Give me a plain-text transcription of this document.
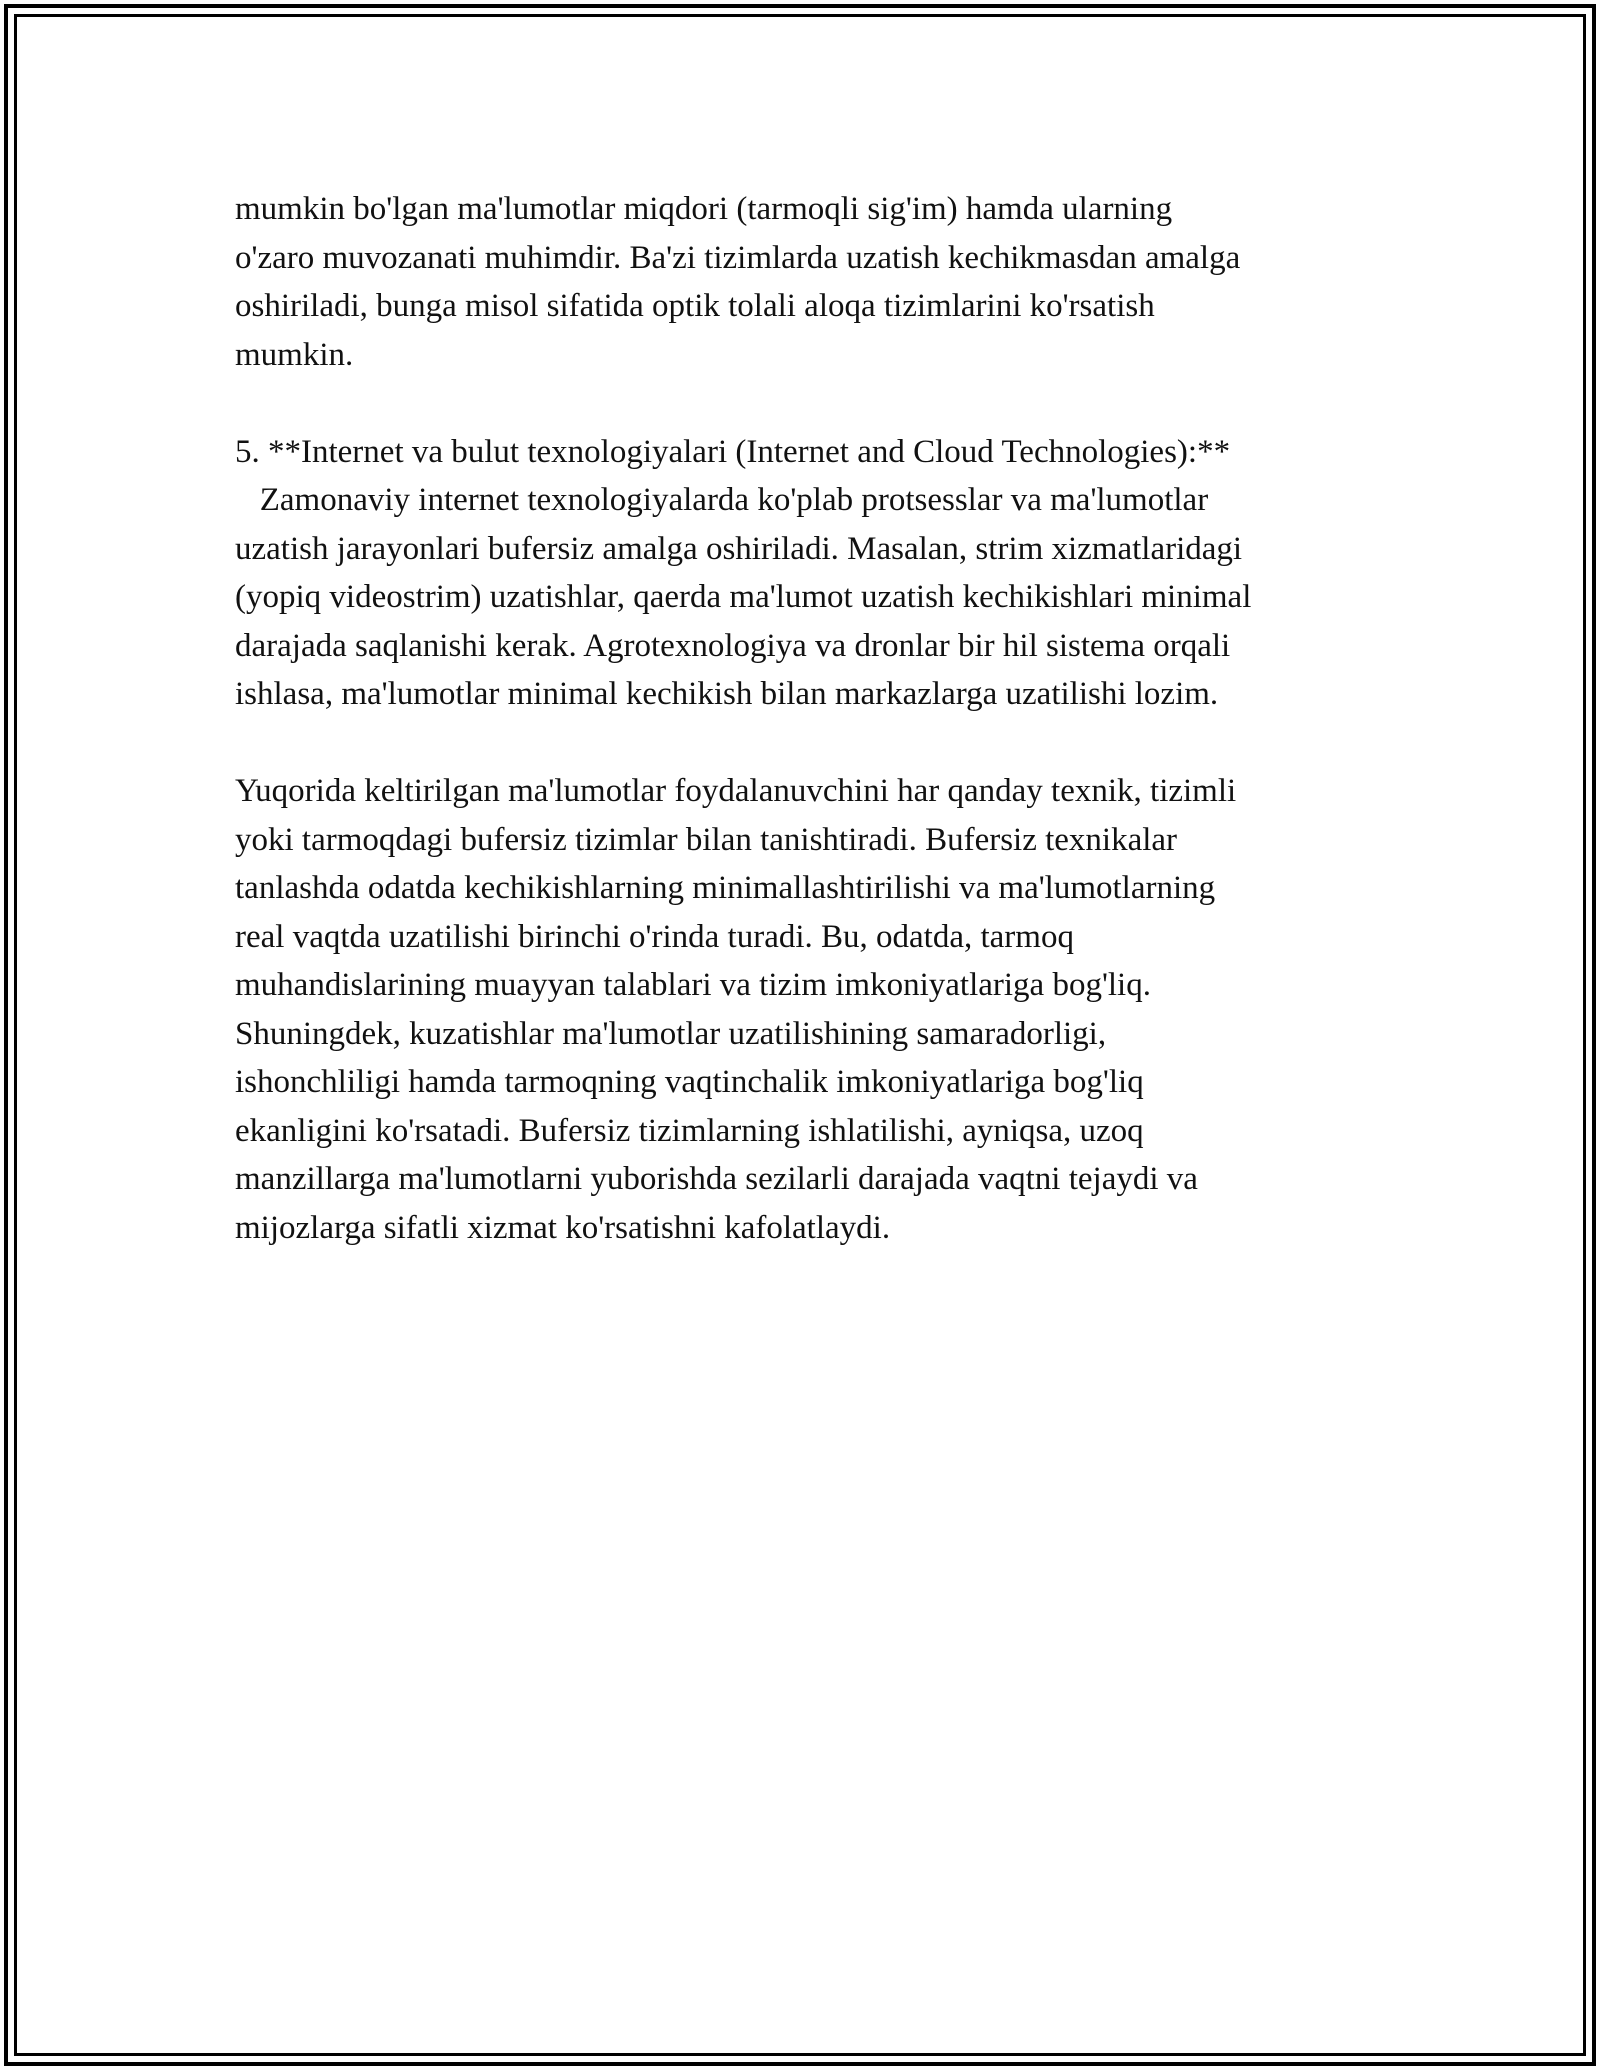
mumkin bo'lgan ma'lumotlar miqdori (tarmoqli sig'im) hamda ularning
o'zaro muvozanati muhimdir. Ba'zi tizimlarda uzatish kechikmasdan amalga
oshiriladi, bunga misol sifatida optik tolali aloqa tizimlarini ko'rsatish
mumkin.
5. **Internet va bulut texnologiyalari (Internet and Cloud Technologies):**
Zamonaviy internet texnologiyalarda ko'plab protsesslar va ma'lumotlar
uzatish jarayonlari bufersiz amalga oshiriladi. Masalan, strim xizmatlaridagi
(yopiq videostrim) uzatishlar, qaerda ma'lumot uzatish kechikishlari minimal
darajada saqlanishi kerak. Agrotexnologiya va dronlar bir hil sistema orqali
ishlasa, ma'lumotlar minimal kechikish bilan markazlarga uzatilishi lozim.
Yuqorida keltirilgan ma'lumotlar foydalanuvchini har qanday texnik, tizimli
yoki tarmoqdagi bufersiz tizimlar bilan tanishtiradi. Bufersiz texnikalar
tanlashda odatda kechikishlarning minimallashtirilishi va ma'lumotlarning
real vaqtda uzatilishi birinchi o'rinda turadi. Bu, odatda, tarmoq
muhandislarining muayyan talablari va tizim imkoniyatlariga bog'liq.
Shuningdek, kuzatishlar ma'lumotlar uzatilishining samaradorligi,
ishonchliligi hamda tarmoqning vaqtinchalik imkoniyatlariga bog'liq
ekanligini ko'rsatadi. Bufersiz tizimlarning ishlatilishi, ayniqsa, uzoq
manzillarga ma'lumotlarni yuborishda sezilarli darajada vaqtni tejaydi va
mijozlarga sifatli xizmat ko'rsatishni kafolatlaydi.
